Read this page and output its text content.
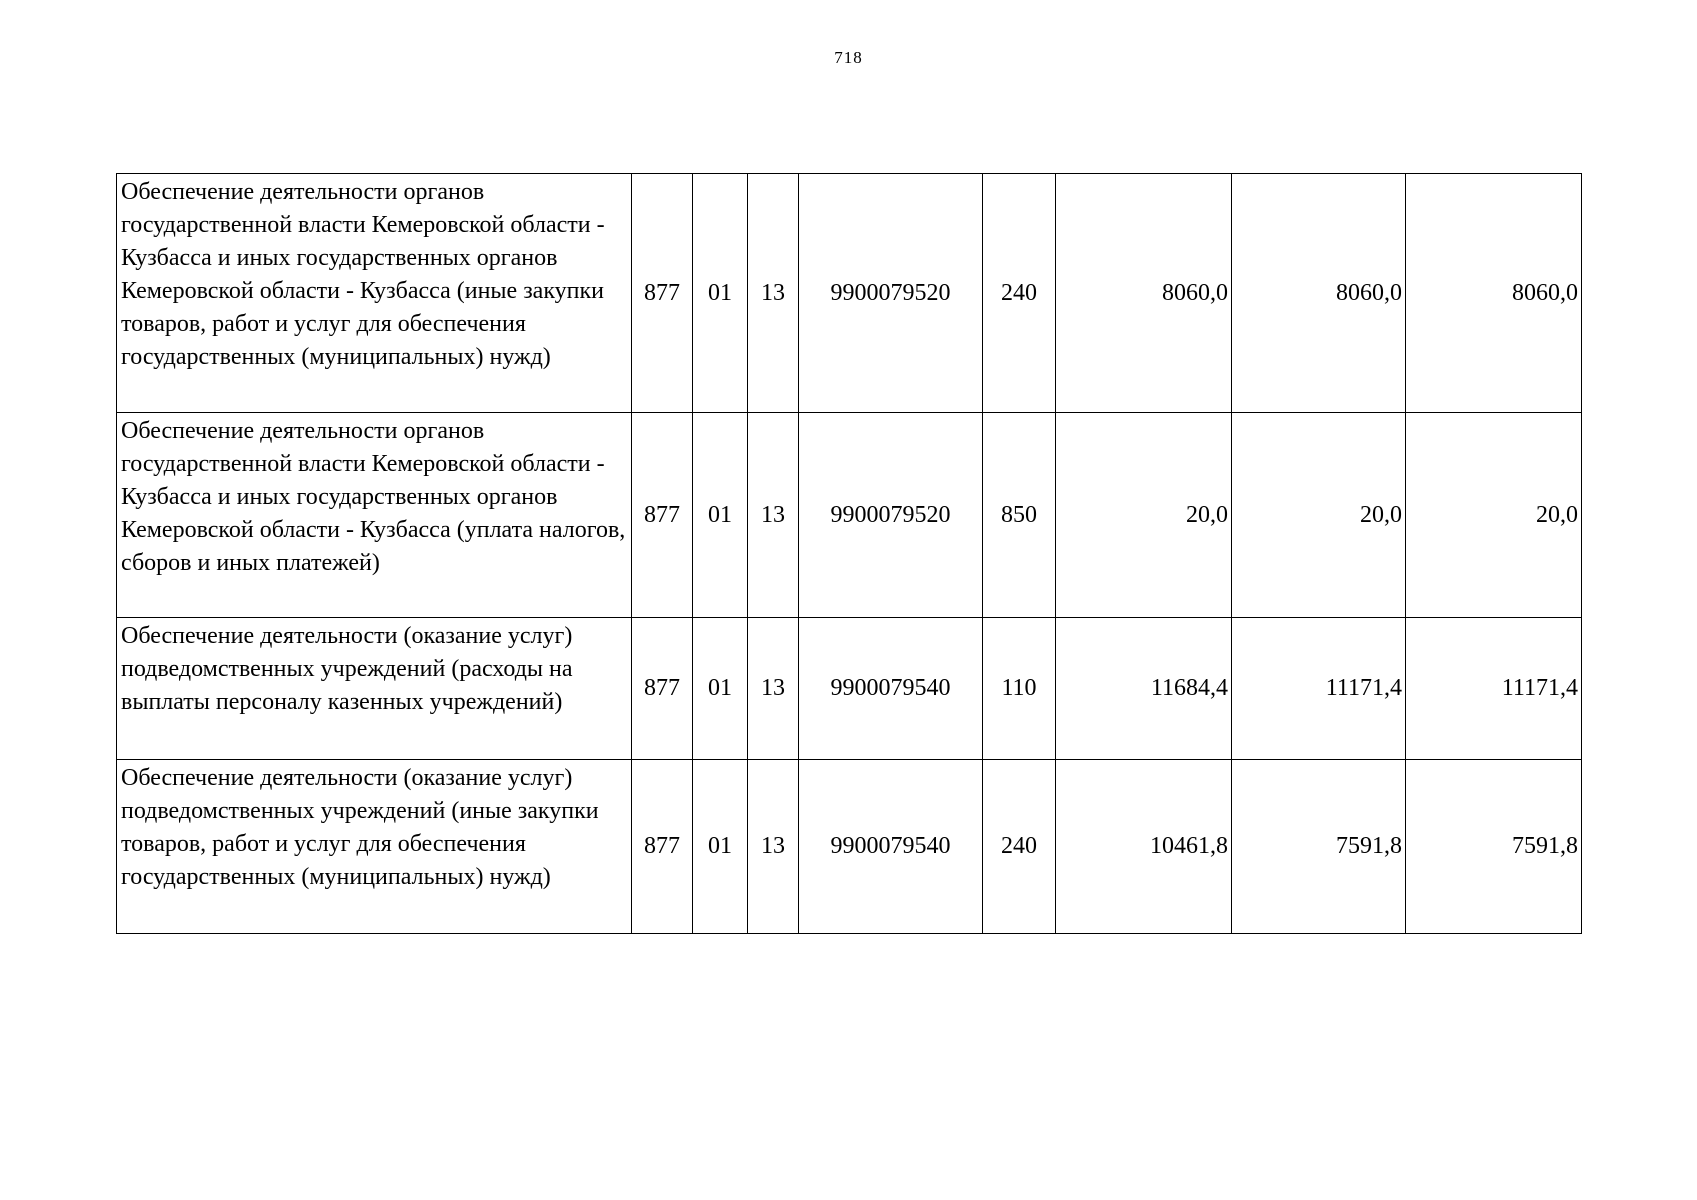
718
Обеспечение деятельности органов государственной власти Кемеровской области - Кузбасса и иных государственных органов Кемеровской области - Кузбасса (иные закупки товаров, работ и услуг для обеспечения государственных (муниципальных) нужд)	877	01	13	9900079520	240	8060,0	8060,0	8060,0
Обеспечение деятельности органов государственной власти Кемеровской области - Кузбасса и иных государственных органов Кемеровской области - Кузбасса (уплата налогов, сборов и иных платежей)	877	01	13	9900079520	850	20,0	20,0	20,0
Обеспечение деятельности (оказание услуг) подведомственных учреждений (расходы на выплаты персоналу казенных учреждений)	877	01	13	9900079540	110	11684,4	11171,4	11171,4
Обеспечение деятельности (оказание услуг) подведомственных учреждений (иные закупки товаров, работ и услуг для обеспечения государственных (муниципальных) нужд)	877	01	13	9900079540	240	10461,8	7591,8	7591,8
